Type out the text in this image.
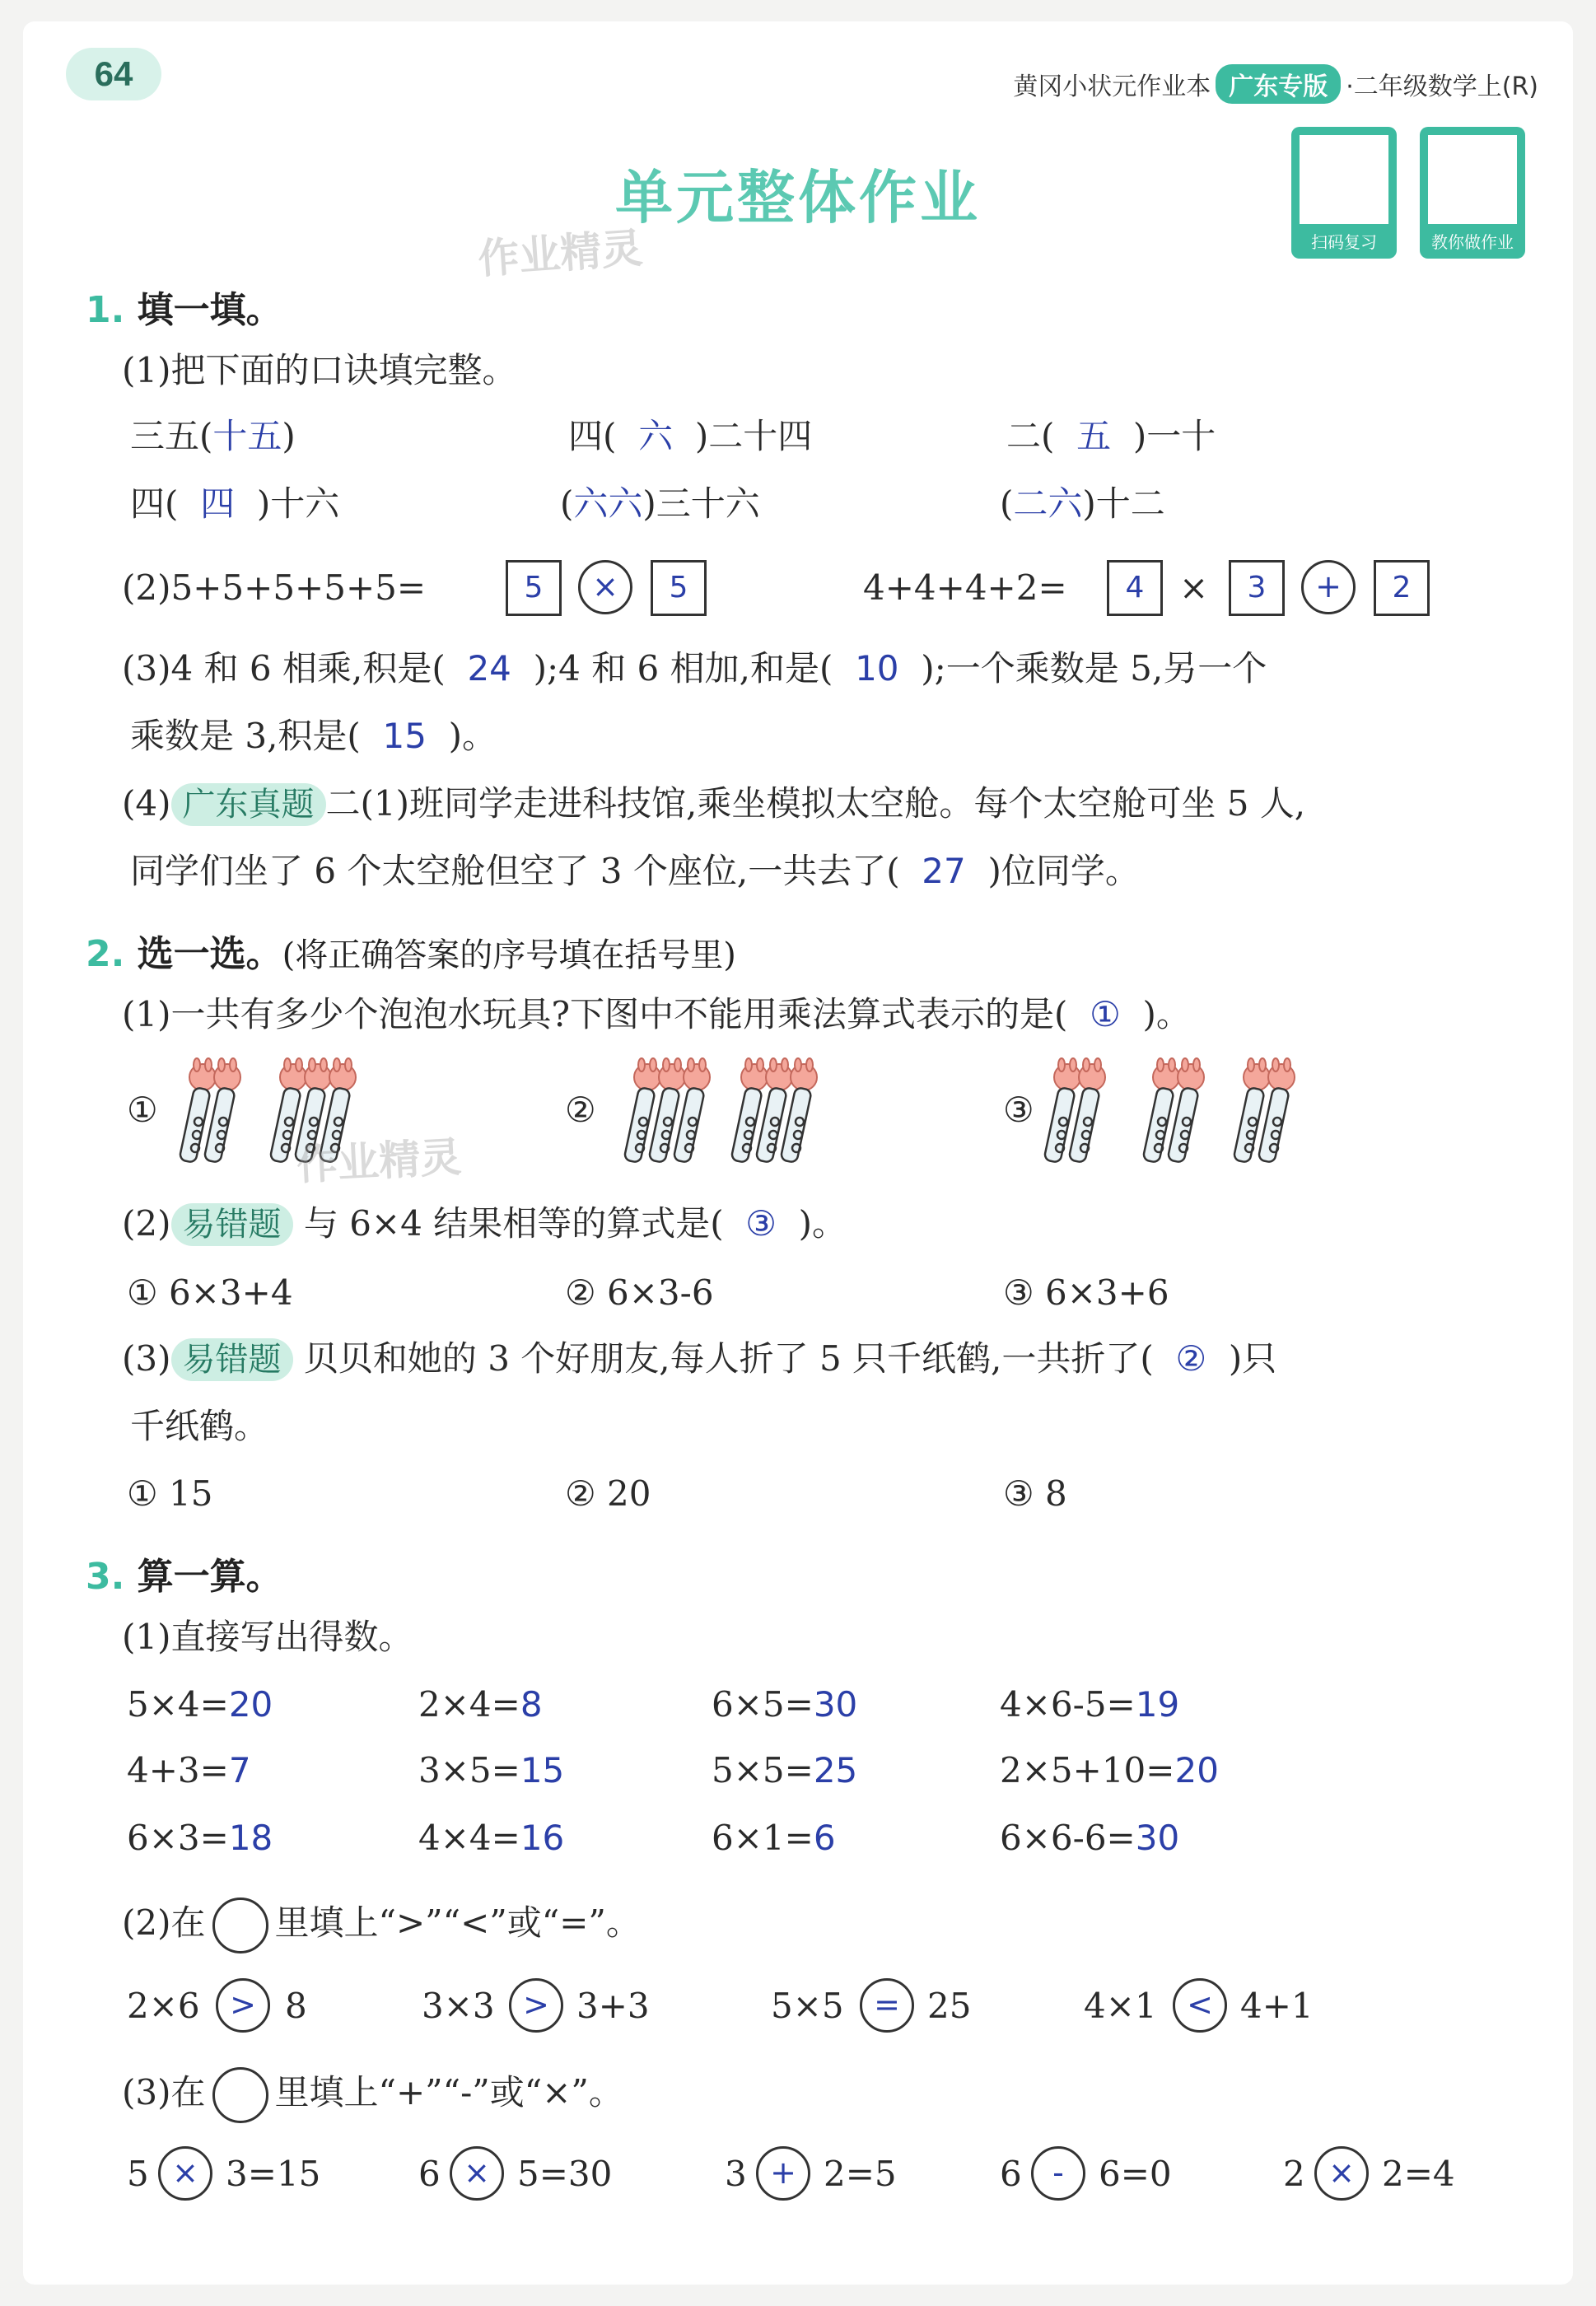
64	黄冈小状元作业本 广东专版 ·二年级数学上(R)
单元整体作业
作业精灵	扫码复习	教你做作业
1. 填一填。
(1)把下面的口诀填完整。
三五(十五)	四( 六 )二十四	二( 五 )一十
四( 四 )十六	(六六)三十六	(二六)十二
(2)5+5+5+5+5=	5	×	5	4+4+4+2=	4	×	3	+	2
(3)4 和 6 相乘,积是( 24 );4 和 6 相加,和是( 10 );一个乘数是 5,另一个
乘数是 3,积是( 15 )。
(4) 广东真题 二(1)班同学走进科技馆,乘坐模拟太空舱。每个太空舱可坐 5 人,
同学们坐了 6 个太空舱但空了 3 个座位,一共去了( 27 )位同学。
2. 选一选。(将正确答案的序号填在括号里)
(1)一共有多少个泡泡水玩具?下图中不能用乘法算式表示的是( ① )。
①	②	③
作业精灵
(2) 易错题 与 6×4 结果相等的算式是( ③ )。
① 6×3+4	② 6×3-6	③ 6×3+6
(3) 易错题 贝贝和她的 3 个好朋友,每人折了 5 只千纸鹤,一共折了( ② )只
千纸鹤。
① 15	② 20	③ 8
3. 算一算。
(1)直接写出得数。
5×4=20	2×4=8	6×5=30	4×6-5=19
4+3=7	3×5=15	5×5=25	2×5+10=20
6×3=18	4×4=16	6×1=6	6×6-6=30
(2)在 里填上“>”“<”或“=”。
2×6 > 8	3×3 > 3+3	5×5 = 25	4×1 < 4+1
(3)在 里填上“+”“-”或“×”。
5 × 3=15	6 × 5=30	3 + 2=5	6 -	6=0	2 × 2=4
